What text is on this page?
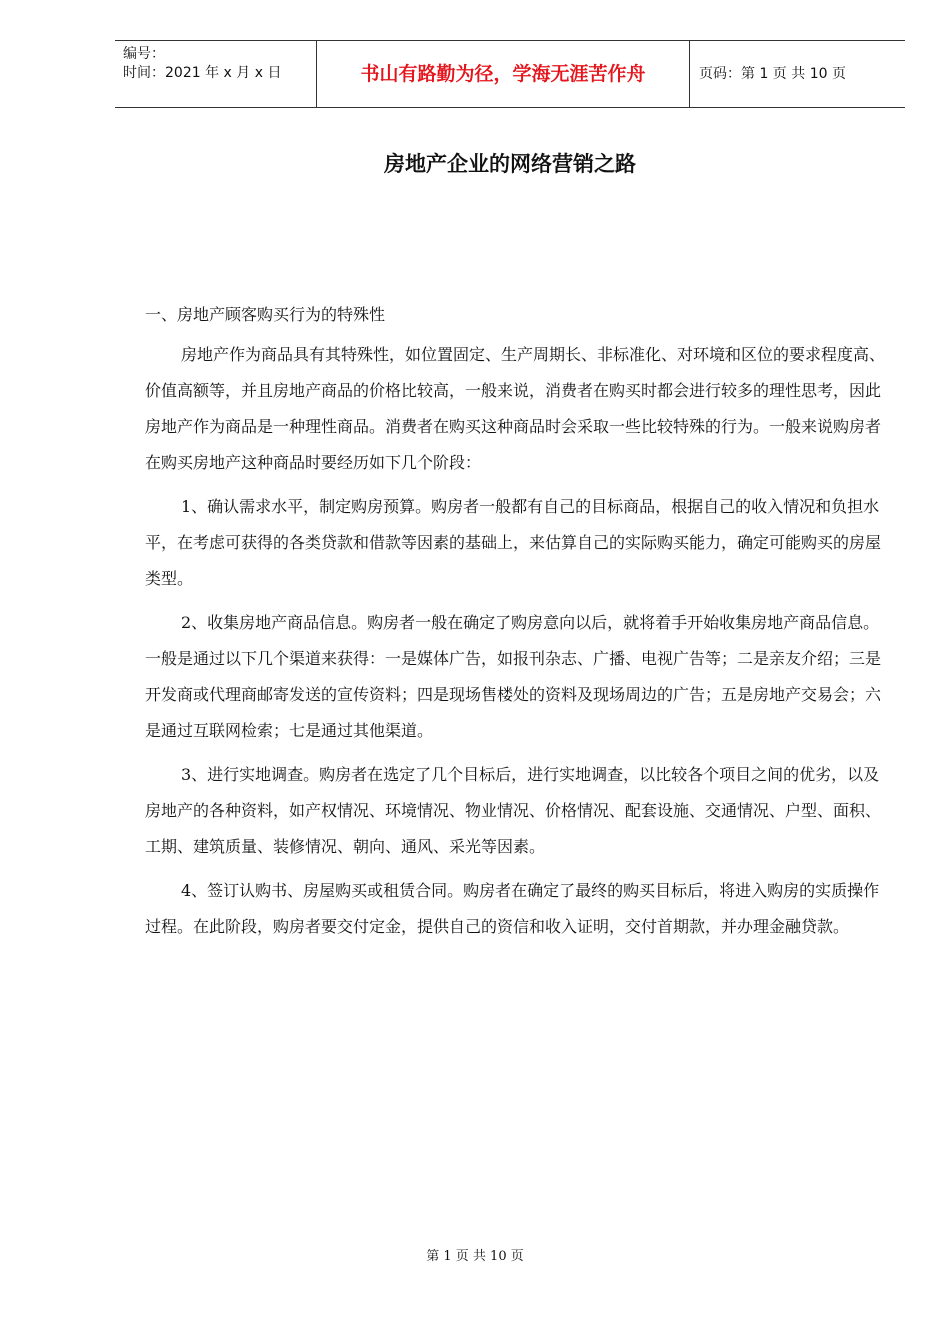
编号：
时间：2021 年 x 月 x 日	书山有路勤为径，学海无涯苦作舟	页码：第 1 页 共 10 页
房地产企业的网络营销之路

一、房地产顾客购买行为的特殊性

房地产作为商品具有其特殊性，如位置固定、生产周期长、非标准化、对环境和区位的要求程度高、价值高额等，并且房地产商品的价格比较高，一般来说，消费者在购买时都会进行较多的理性思考，因此房地产作为商品是一种理性商品。消费者在购买这种商品时会采取一些比较特殊的行为。一般来说购房者在购买房地产这种商品时要经历如下几个阶段：

1、确认需求水平，制定购房预算。购房者一般都有自己的目标商品，根据自己的收入情况和负担水平，在考虑可获得的各类贷款和借款等因素的基础上，来估算自己的实际购买能力，确定可能购买的房屋类型。

2、收集房地产商品信息。购房者一般在确定了购房意向以后，就将着手开始收集房地产商品信息。一般是通过以下几个渠道来获得：一是媒体广告，如报刊杂志、广播、电视广告等；二是亲友介绍；三是开发商或代理商邮寄发送的宣传资料；四是现场售楼处的资料及现场周边的广告；五是房地产交易会；六是通过互联网检索；七是通过其他渠道。

3、进行实地调查。购房者在选定了几个目标后，进行实地调查，以比较各个项目之间的优劣，以及房地产的各种资料，如产权情况、环境情况、物业情况、价格情况、配套设施、交通情况、户型、面积、工期、建筑质量、装修情况、朝向、通风、采光等因素。

4、签订认购书、房屋购买或租赁合同。购房者在确定了最终的购买目标后，将进入购房的实质操作过程。在此阶段，购房者要交付定金，提供自己的资信和收入证明，交付首期款，并办理金融贷款。

第 1 页 共 10 页
